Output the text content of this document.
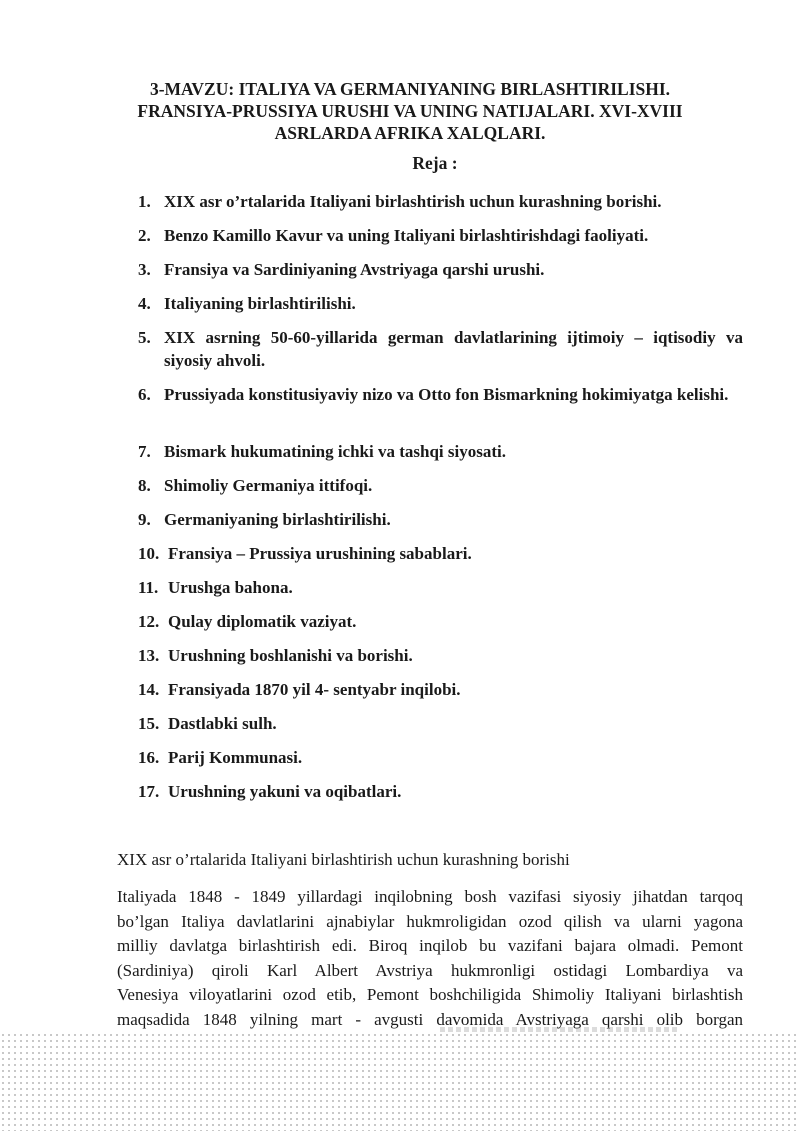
3-MAVZU: ITALIYA VA GERMANIYANING BIRLASHTIRILISHI.
FRANSIYA-PRUSSIYA URUSHI VA UNING NATIJALARI. XVI-XVIII
ASRLARDA AFRIKA XALQLARI.
Reja :
1. XIX asr o’rtalarida Italiyani birlashtirish uchun kurashning borishi.
2. Benzo Kamillo Kavur va uning Italiyani birlashtirishdagi faoliyati.
3. Fransiya va Sardiniyaning Avstriyaga qarshi urushi.
4. Italiyaning birlashtirilishi.
5. XIX asrning 50-60-yillarida german davlatlarining ijtimoiy – iqtisodiy va siyosiy ahvoli.
6. Prussiyada konstitusiyaviy nizo va Otto fon Bismarkning hokimiyatga kelishi.
7. Bismark hukumatining ichki va tashqi siyosati.
8. Shimoliy Germaniya ittifoqi.
9. Germaniyaning birlashtirilishi.
10. Fransiya – Prussiya urushining sabablari.
11. Urushga bahona.
12. Qulay diplomatik vaziyat.
13. Urushning boshlanishi va borishi.
14. Fransiyada 1870 yil 4- sentyabr inqilobi.
15. Dastlabki sulh.
16. Parij Kommunasi.
17. Urushning yakuni va oqibatlari.
XIX asr o’rtalarida Italiyani birlashtirish uchun kurashning borishi
Italiyada 1848 - 1849 yillardagi inqilobning bosh vazifasi siyosiy jihatdan tarqoq
bo’lgan Italiya davlatlarini ajnabiylar hukmroligidan ozod qilish va ularni yagona
milliy davlatga birlashtirish edi. Biroq inqilob bu vazifani bajara olmadi. Pemont
(Sardiniya) qiroli Karl Albert Avstriya hukmronligi ostidagi Lombardiya va
Venesiya viloyatlarini ozod etib, Pemont boshchiligida Shimoliy Italiyani birlashtish
maqsadida 1848 yilning mart - avgusti davomida Avstriyaga qarshi olib borgan
